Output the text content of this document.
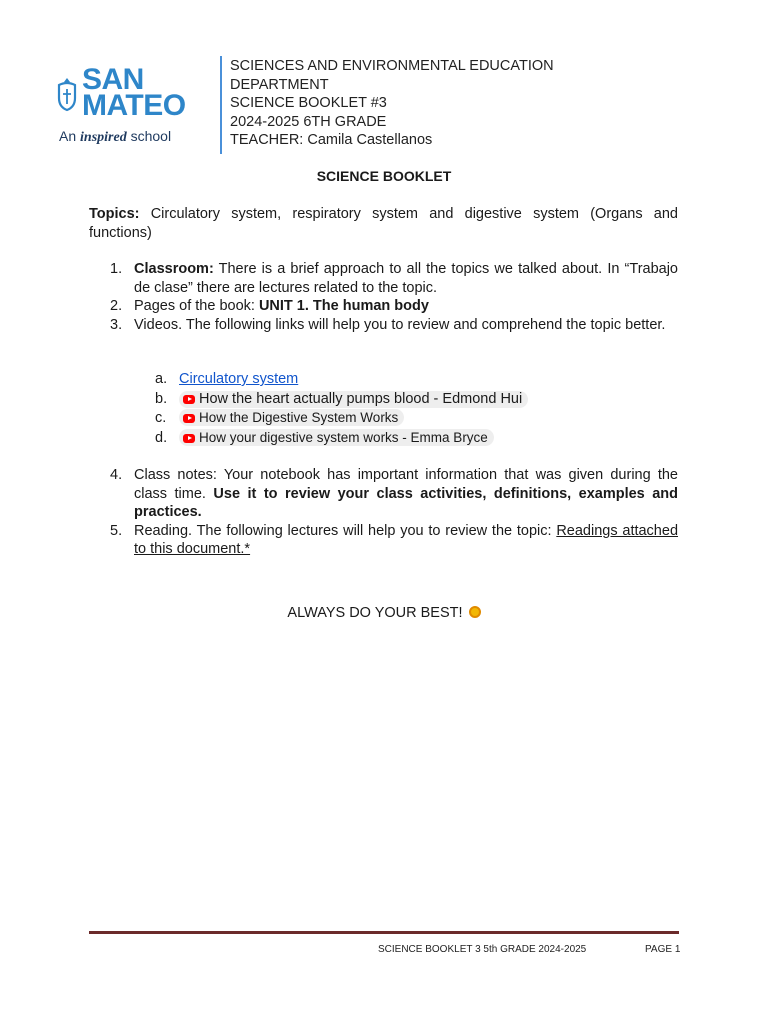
SAN
MATEO
An inspired school
SCIENCES AND ENVIRONMENTAL EDUCATION
DEPARTMENT
SCIENCE BOOKLET #3
2024-2025 6TH GRADE
TEACHER: Camila Castellanos
SCIENCE BOOKLET
Topics: Circulatory system, respiratory system and digestive system (Organs and functions)
1. Classroom: There is a brief approach to all the topics we talked about. In “Trabajo de clase” there are lectures related to the topic.
2. Pages of the book: UNIT 1. The human body
3. Videos. The following links will help you to review and comprehend the topic better.
a. Circulatory system
b. How the heart actually pumps blood - Edmond Hui
c. How the Digestive System Works
d. How your digestive system works - Emma Bryce
4. Class notes: Your notebook has important information that was given during the class time. Use it to review your class activities, definitions, examples and practices.
5. Reading. The following lectures will help you to review the topic: Readings attached to this document.*
ALWAYS DO YOUR BEST!
SCIENCE BOOKLET 3 5th GRADE 2024-2025	PAGE 1
